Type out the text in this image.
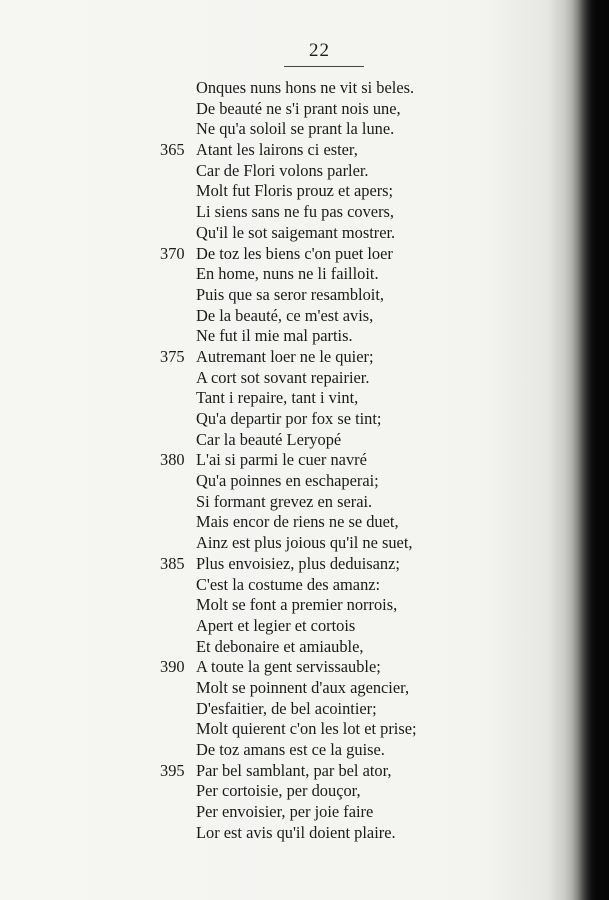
22
Onques nuns hons ne vit si beles.
De beauté ne s'i prant nois une,
Ne qu'a soloil se prant la lune.
365 Atant les lairons ci ester,
Car de Flori volons parler.
Molt fut Floris prouz et apers;
Li siens sans ne fu pas covers,
Qu'il le sot saigemant mostrer.
370 De toz les biens c'on puet loer
En home, nuns ne li failloit.
Puis que sa seror resambloit,
De la beauté, ce m'est avis,
Ne fut il mie mal partis.
375 Autremant loer ne le quier;
A cort sot sovant repairier.
Tant i repaire, tant i vint,
Qu'a departir por fox se tint;
Car la beauté Leryopé
380 L'ai si parmi le cuer navré
Qu'a poinnes en eschaperai;
Si formant grevez en serai.
Mais encor de riens ne se duet,
Ainz est plus joious qu'il ne suet,
385 Plus envoisiez, plus deduisanz;
C'est la costume des amanz:
Molt se font a premier norrois,
Apert et legier et cortois
Et debonaire et amiauble,
390 A toute la gent servissauble;
Molt se poinnent d'aux agencier,
D'esfaitier, de bel acointier;
Molt quierent c'on les lot et prise;
De toz amans est ce la guise.
395 Par bel samblant, par bel ator,
Per cortoisie, per douçor,
Per envoisier, per joie faire
Lor est avis qu'il doient plaire.
